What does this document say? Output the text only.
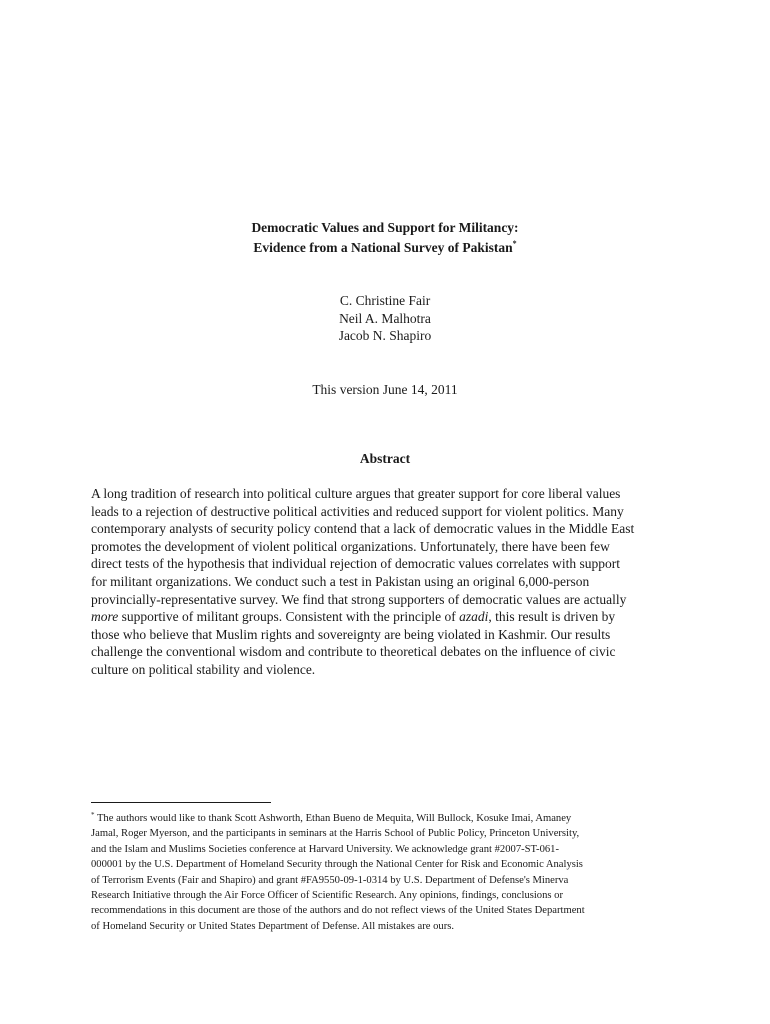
Democratic Values and Support for Militancy:
Evidence from a National Survey of Pakistan*
C. Christine Fair
Neil A. Malhotra
Jacob N. Shapiro
This version June 14, 2011
Abstract
A long tradition of research into political culture argues that greater support for core liberal values
leads to a rejection of destructive political activities and reduced support for violent politics. Many
contemporary analysts of security policy contend that a lack of democratic values in the Middle East
promotes the development of violent political organizations. Unfortunately, there have been few
direct tests of the hypothesis that individual rejection of democratic values correlates with support
for militant organizations. We conduct such a test in Pakistan using an original 6,000-person
provincially-representative survey. We find that strong supporters of democratic values are actually
more supportive of militant groups. Consistent with the principle of azadi, this result is driven by
those who believe that Muslim rights and sovereignty are being violated in Kashmir. Our results
challenge the conventional wisdom and contribute to theoretical debates on the influence of civic
culture on political stability and violence.
* The authors would like to thank Scott Ashworth, Ethan Bueno de Mequita, Will Bullock, Kosuke Imai, Amaney
Jamal, Roger Myerson, and the participants in seminars at the Harris School of Public Policy, Princeton University,
and the Islam and Muslims Societies conference at Harvard University. We acknowledge grant #2007-ST-061-
000001 by the U.S. Department of Homeland Security through the National Center for Risk and Economic Analysis
of Terrorism Events (Fair and Shapiro) and grant #FA9550-09-1-0314 by U.S. Department of Defense's Minerva
Research Initiative through the Air Force Officer of Scientific Research. Any opinions, findings, conclusions or
recommendations in this document are those of the authors and do not reflect views of the United States Department
of Homeland Security or United States Department of Defense. All mistakes are ours.
